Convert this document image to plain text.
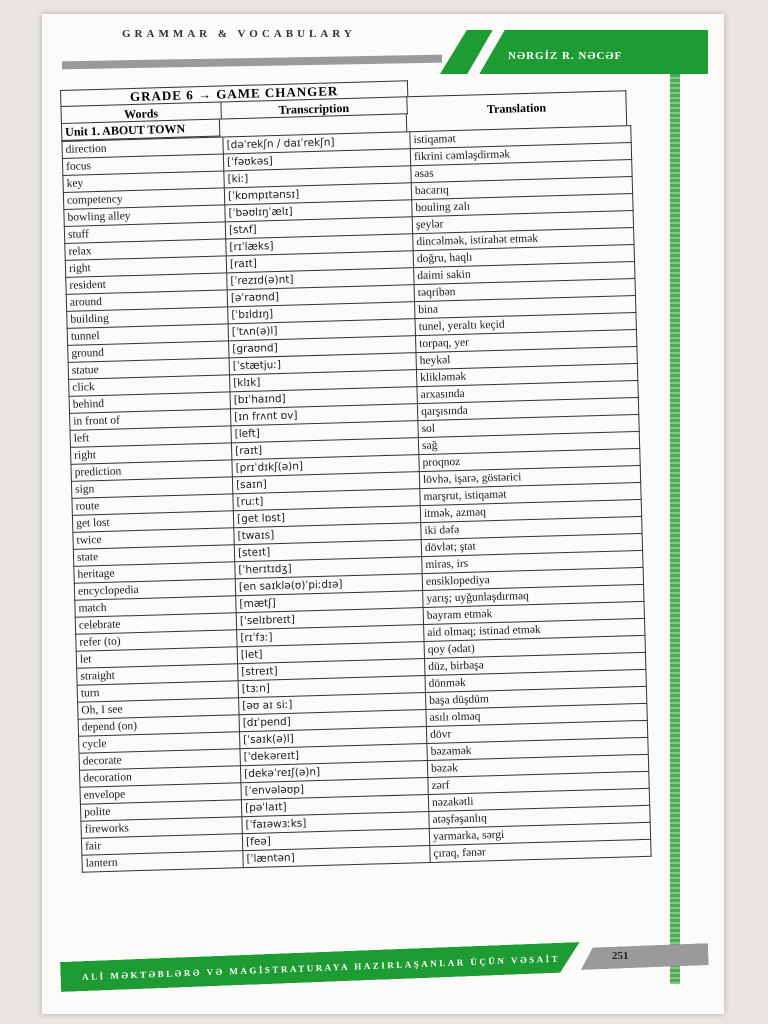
GRAMMAR & VOCABULARY
NƏRGİZ R. NƏCƏF
GRADE 6 → GAME CHANGER
Words	Transcription	Translation
Unit 1. ABOUT TOWN
direction	[dəˈrekʃn / daɪˈrekʃn]	istiqamət
focus	[ˈfəʊkəs]	fikrini cəmləşdirmək
key	[kiː]	əsas
competency	[ˈkɒmpɪtənsɪ]	bacarıq
bowling alley	[ˈbəʊlɪŋˈælɪ]	bouling zalı
stuff	[stʌf]	şeylər
relax	[rɪˈlæks]	dincəlmək, istirahət etmək
right	[raɪt]	doğru, haqlı
resident	[ˈrezɪd(ə)nt]	daimi sakin
around	[əˈraʊnd]	təqribən
building	[ˈbɪldɪŋ]	bina
tunnel	[ˈtʌn(ə)l]	tunel, yeraltı keçid
ground	[graʊnd]	torpaq, yer
statue	[ˈstætjuː]	heykəl
click	[klɪk]	klikləmək
behind	[bɪˈhaɪnd]	arxasında
in front of	[ɪn frʌnt ɒv]	qarşısında
left	[left]	sol
right	[raɪt]	sağ
prediction	[prɪˈdɪkʃ(ə)n]	proqnoz
sign	[saɪn]	lövhə, işarə, göstərici
route	[ruːt]	marşrut, istiqamət
get lost	[get lɒst]	itmək, azmaq
twice	[twaɪs]	iki dəfə
state	[steɪt]	dövlət; ştat
heritage	[ˈherɪtɪdʒ]	miras, irs
encyclopedia	[en saɪklə(ʊ)ˈpiːdɪə]	ensiklopediya
match	[mætʃ]	yarış; uyğunlaşdırmaq
celebrate	[ˈselɪbreɪt]	bayram etmək
refer (to)	[rɪˈfɜː]	aid olmaq; istinad etmək
let	[let]	qoy (ədat)
straight	[streɪt]	düz, birbaşa
turn	[tɜːn]	dönmək
Oh, I see	[əʊ aɪ siː]	başa düşdüm
depend (on)	[dɪˈpend]	asılı olmaq
cycle	[ˈsaɪk(ə)l]	dövr
decorate	[ˈdekəreɪt]	bəzəmək
decoration	[dekəˈreɪʃ(ə)n]	bəzək
envelope	[ˈenvələʊp]	zərf
polite	[pəˈlaɪt]	nəzakətli
fireworks	[ˈfaɪəwɜːks]	atəşfəşanlıq
fair	[feə]	yarmarka, sərgi
lantern	[ˈlæntən]	çıraq, fənər
ALİ MƏKTƏBLƏRƏ VƏ MAGİSTRATURAYA HAZIRLAŞANLAR ÜÇÜN VƏSAİT	251
